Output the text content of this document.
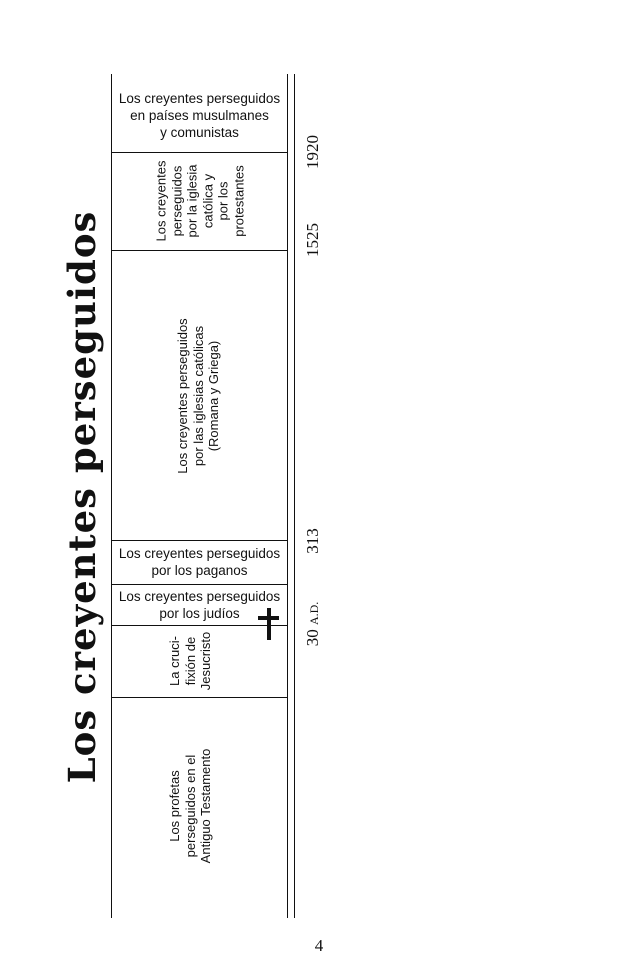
Los creyentes perseguidos
Los creyentes perseguidos
en países musulmanes
y comunistas
Los creyentes perseguidos por la iglesia católica y por los protestantes
Los creyentes perseguidos por las iglesias católicas (Romana y Griega)
Los creyentes perseguidos
por los paganos
Los creyentes perseguidos
por los judíos
La cruci- fixión de Jesucristo
Los profetas perseguidos en el Antiguo Testamento
1920
1525
313
30 A.D.
4
